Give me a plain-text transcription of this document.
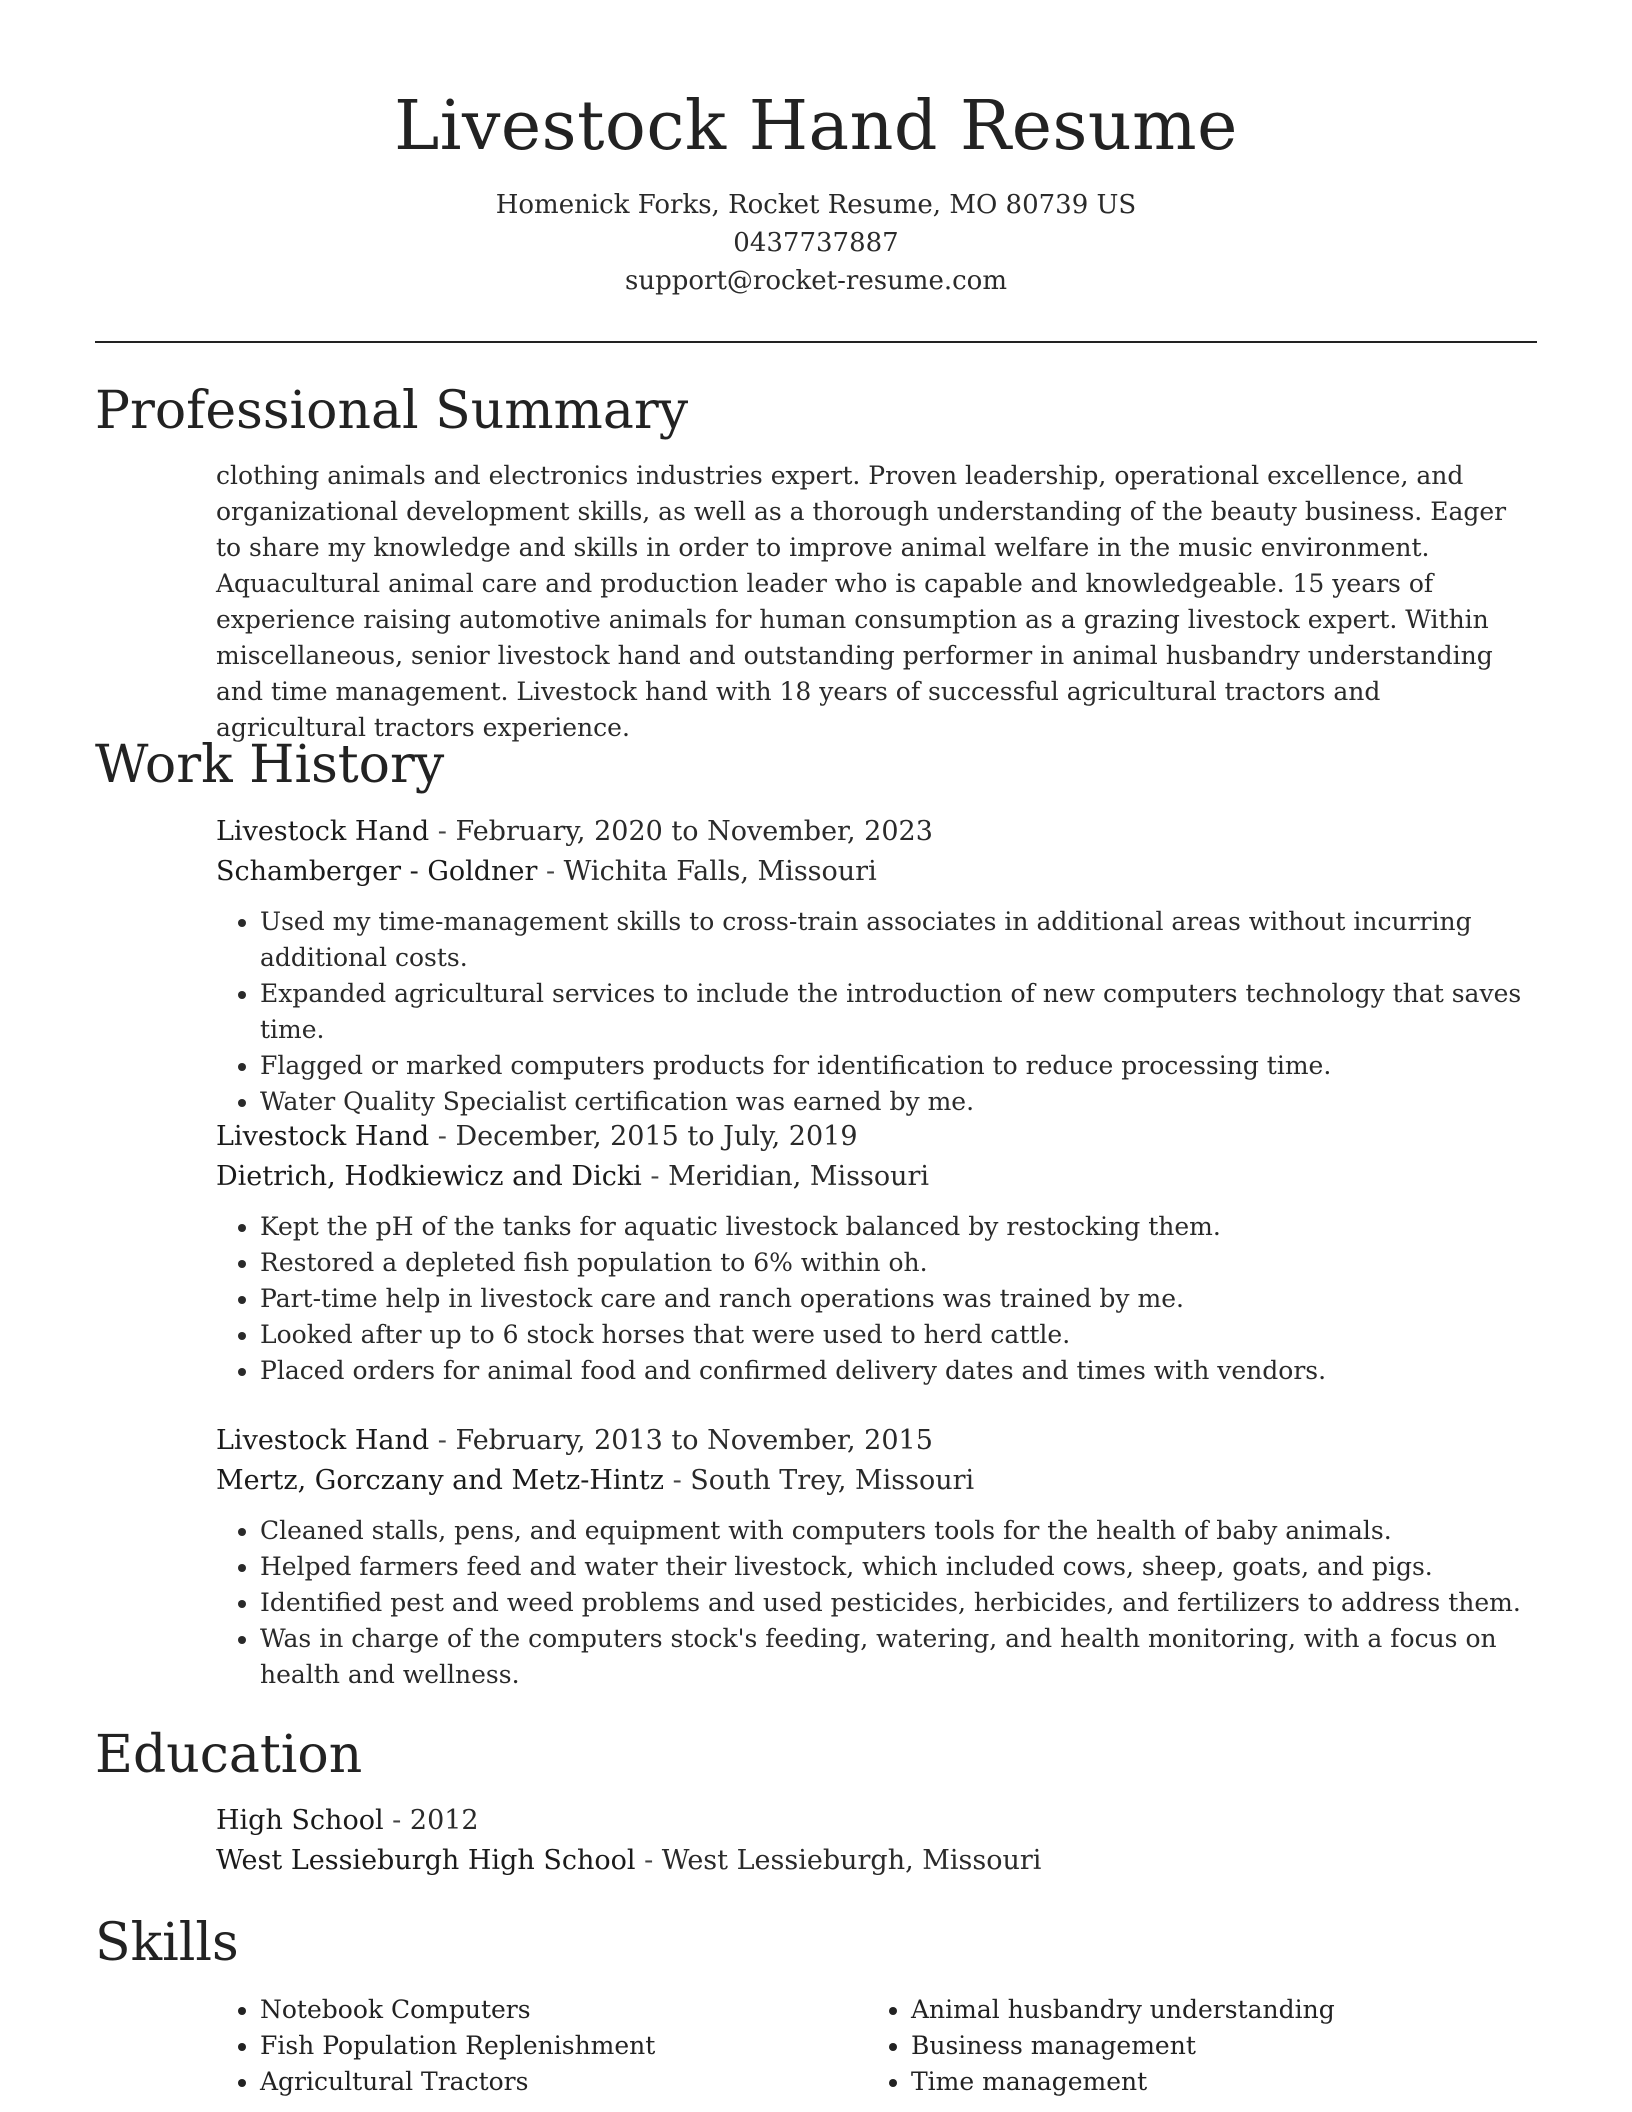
Livestock Hand Resume
Homenick Forks, Rocket Resume, MO 80739 US
0437737887
support@rocket-resume.com
Professional Summary

clothing animals and electronics industries expert. Proven leadership, operational excellence, and organizational development skills, as well as a thorough understanding of the beauty business. Eager to share my knowledge and skills in order to improve animal welfare in the music environment. Aquacultural animal care and production leader who is capable and knowledgeable. 15 years of experience raising automotive animals for human consumption as a grazing livestock expert. Within miscellaneous, senior livestock hand and outstanding performer in animal husbandry understanding and time management. Livestock hand with 18 years of successful agricultural tractors and agricultural tractors experience.

Work History
Livestock Hand - February, 2020 to November, 2023
Schamberger - Goldner - Wichita Falls, Missouri
• Used my time-management skills to cross-train associates in additional areas without incurring additional costs.
• Expanded agricultural services to include the introduction of new computers technology that saves time.
• Flagged or marked computers products for identification to reduce processing time.
• Water Quality Specialist certification was earned by me.
Livestock Hand - December, 2015 to July, 2019
Dietrich, Hodkiewicz and Dicki - Meridian, Missouri
• Kept the pH of the tanks for aquatic livestock balanced by restocking them.
• Restored a depleted fish population to 6% within oh.
• Part-time help in livestock care and ranch operations was trained by me.
• Looked after up to 6 stock horses that were used to herd cattle.
• Placed orders for animal food and confirmed delivery dates and times with vendors.
Livestock Hand - February, 2013 to November, 2015
Mertz, Gorczany and Metz-Hintz - South Trey, Missouri
• Cleaned stalls, pens, and equipment with computers tools for the health of baby animals.
• Helped farmers feed and water their livestock, which included cows, sheep, goats, and pigs.
• Identified pest and weed problems and used pesticides, herbicides, and fertilizers to address them.
• Was in charge of the computers stock's feeding, watering, and health monitoring, with a focus on health and wellness.
Education
High School - 2012
West Lessieburgh High School - West Lessieburgh, Missouri
Skills
• Notebook Computers
• Fish Population Replenishment
• Agricultural Tractors
• Animal husbandry understanding
• Business management
• Time management
